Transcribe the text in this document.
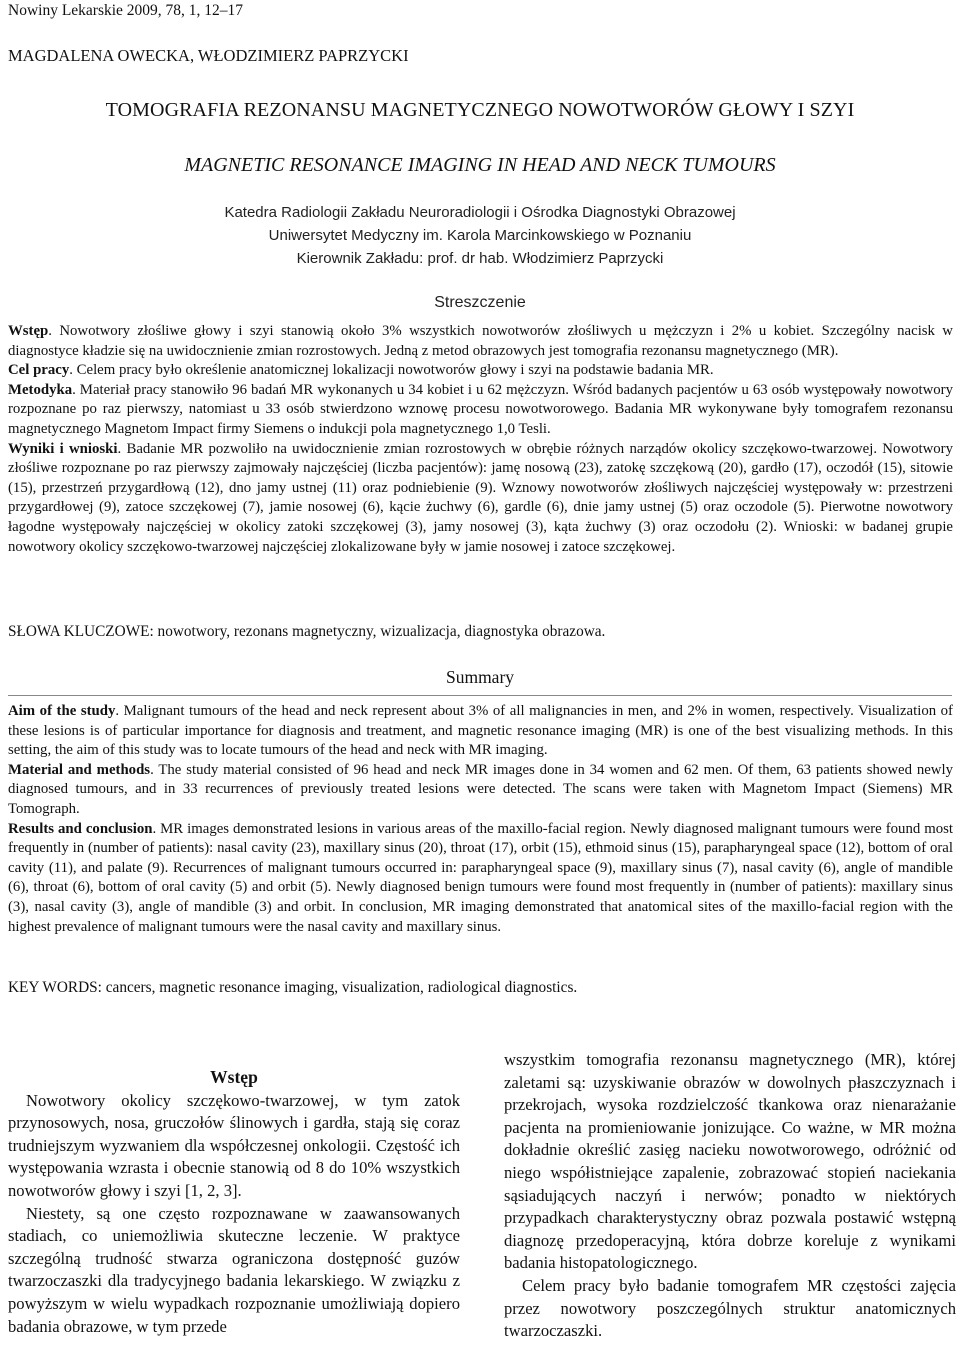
Nowiny Lekarskie 2009, 78, 1, 12–17
MAGDALENA OWECKA, WŁODZIMIERZ PAPRZYCKI
TOMOGRAFIA REZONANSU MAGNETYCZNEGO NOWOTWORÓW GŁOWY I SZYI
MAGNETIC RESONANCE IMAGING IN HEAD AND NECK TUMOURS
Katedra Radiologii Zakładu Neuroradiologii i Ośrodka Diagnostyki Obrazowej
Uniwersytet Medyczny im. Karola Marcinkowskiego w Poznaniu
Kierownik Zakładu: prof. dr hab. Włodzimierz Paprzycki
Streszczenie
Wstęp. Nowotwory złośliwe głowy i szyi stanowią około 3% wszystkich nowotworów złośliwych u mężczyzn i 2% u kobiet. Szczególny nacisk w diagnostyce kładzie się na uwidocznienie zmian rozrostowych. Jedną z metod obrazowych jest tomografia rezonansu magnetycznego (MR).
Cel pracy. Celem pracy było określenie anatomicznej lokalizacji nowotworów głowy i szyi na podstawie badania MR.
Metodyka. Materiał pracy stanowiło 96 badań MR wykonanych u 34 kobiet i u 62 mężczyzn. Wśród badanych pacjentów u 63 osób występowały nowotwory rozpoznane po raz pierwszy, natomiast u 33 osób stwierdzono wznowę procesu nowotworowego. Badania MR wykonywane były tomografem rezonansu magnetycznego Magnetom Impact firmy Siemens o indukcji pola magnetycznego 1,0 Tesli.
Wyniki i wnioski. Badanie MR pozwoliło na uwidocznienie zmian rozrostowych w obrębie różnych narządów okolicy szczękowo-twarzowej. Nowotwory złośliwe rozpoznane po raz pierwszy zajmowały najczęściej (liczba pacjentów): jamę nosową (23), zatokę szczękową (20), gardło (17), oczodół (15), sitowie (15), przestrzeń przygardłową (12), dno jamy ustnej (11) oraz podniebienie (9). Wznowy nowotworów złośliwych najczęściej występowały w: przestrzeni przygardłowej (9), zatoce szczękowej (7), jamie nosowej (6), kącie żuchwy (6), gardle (6), dnie jamy ustnej (5) oraz oczodole (5). Pierwotne nowotwory łagodne występowały najczęściej w okolicy zatoki szczękowej (3), jamy nosowej (3), kąta żuchwy (3) oraz oczodołu (2). Wnioski: w badanej grupie nowotwory okolicy szczękowo-twarzowej najczęściej zlokalizowane były w jamie nosowej i zatoce szczękowej.
SŁOWA KLUCZOWE: nowotwory, rezonans magnetyczny, wizualizacja, diagnostyka obrazowa.
Summary
Aim of the study. Malignant tumours of the head and neck represent about 3% of all malignancies in men, and 2% in women, respectively. Visualization of these lesions is of particular importance for diagnosis and treatment, and magnetic resonance imaging (MR) is one of the best visualizing methods. In this setting, the aim of this study was to locate tumours of the head and neck with MR imaging.
Material and methods. The study material consisted of 96 head and neck MR images done in 34 women and 62 men. Of them, 63 patients showed newly diagnosed tumours, and in 33 recurrences of previously treated lesions were detected. The scans were taken with Magnetom Impact (Siemens) MR Tomograph.
Results and conclusion. MR images demonstrated lesions in various areas of the maxillo-facial region. Newly diagnosed malignant tumours were found most frequently in (number of patients): nasal cavity (23), maxillary sinus (20), throat (17), orbit (15), ethmoid sinus (15), parapharyngeal space (12), bottom of oral cavity (11), and palate (9). Recurrences of malignant tumours occurred in: parapharyngeal space (9), maxillary sinus (7), nasal cavity (6), angle of mandible (6), throat (6), bottom of oral cavity (5) and orbit (5). Newly diagnosed benign tumours were found most frequently in (number of patients): maxillary sinus (3), nasal cavity (3), angle of mandible (3) and orbit. In conclusion, MR imaging demonstrated that anatomical sites of the maxillo-facial region with the highest prevalence of malignant tumours were the nasal cavity and maxillary sinus.
KEY WORDS: cancers, magnetic resonance imaging, visualization, radiological diagnostics.
Wstęp

Nowotwory okolicy szczękowo-twarzowej, w tym zatok przynosowych, nosa, gruczołów ślinowych i gardła, stają się coraz trudniejszym wyzwaniem dla współczesnej onkologii. Częstość ich występowania wzrasta i obecnie stanowią od 8 do 10% wszystkich nowotworów głowy i szyi [1, 2, 3].

Niestety, są one często rozpoznawane w zaawansowanych stadiach, co uniemożliwia skuteczne leczenie. W praktyce szczególną trudność stwarza ograniczona dostępność guzów twarzoczaszki dla tradycyjnego badania lekarskiego. W związku z powyższym w wielu wypadkach rozpoznanie umożliwiają dopiero badania obrazowe, w tym przede

wszystkim tomografia rezonansu magnetycznego (MR), której zaletami są: uzyskiwanie obrazów w dowolnych płaszczyznach i przekrojach, wysoka rozdzielczość tkankowa oraz nienarażanie pacjenta na promieniowanie jonizujące. Co ważne, w MR można dokładnie określić zasięg nacieku nowotworowego, odróżnić od niego współistniejące zapalenie, zobrazować stopień naciekania sąsiadujących naczyń i nerwów; ponadto w niektórych przypadkach charakterystyczny obraz pozwala postawić wstępną diagnozę przedoperacyjną, która dobrze koreluje z wynikami badania histopatologicznego.

Celem pracy było badanie tomografem MR częstości zajęcia przez nowotwory poszczególnych struktur anatomicznych twarzoczaszki.
